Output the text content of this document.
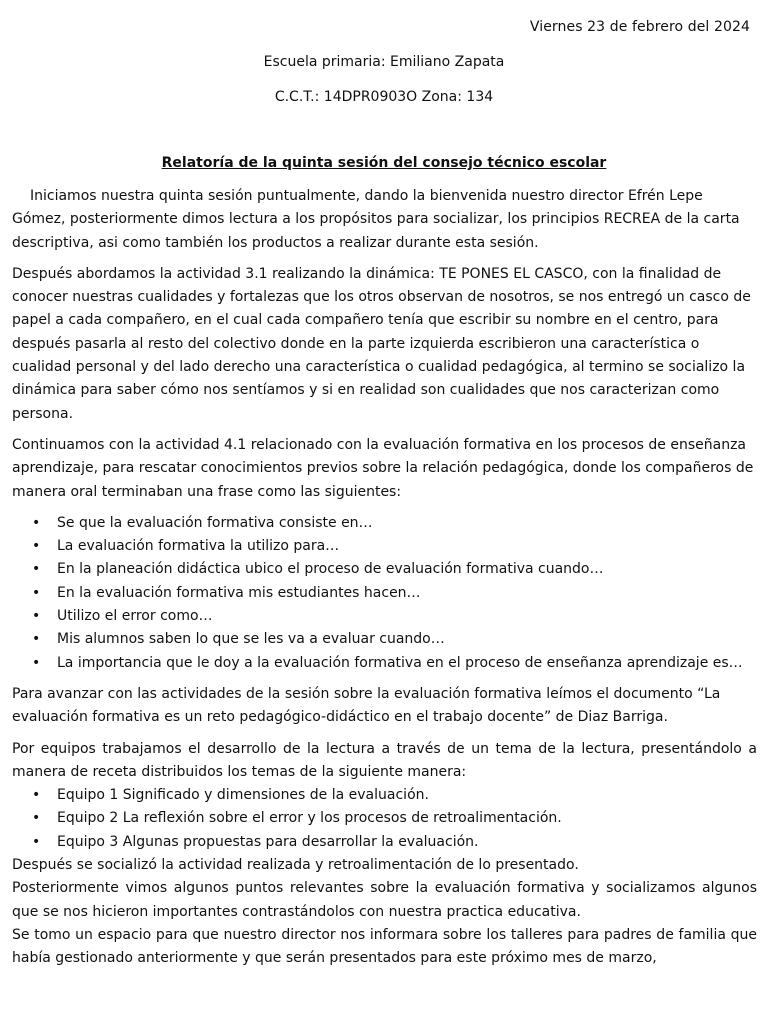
Viernes 23 de febrero del 2024
Escuela primaria: Emiliano Zapata
C.C.T.: 14DPR0903O Zona: 134
Relatoría de la quinta sesión del consejo técnico escolar

Iniciamos nuestra quinta sesión puntualmente, dando la bienvenida nuestro director Efrén Lepe Gómez, posteriormente dimos lectura a los propósitos para socializar, los principios RECREA de la carta descriptiva, asi como también los productos a realizar durante esta sesión.

Después abordamos la actividad 3.1 realizando la dinámica: TE PONES EL CASCO, con la finalidad de conocer nuestras cualidades y fortalezas que los otros observan de nosotros, se nos entregó un casco de papel a cada compañero, en el cual cada compañero tenía que escribir su nombre en el centro, para después pasarla al resto del colectivo donde en la parte izquierda escribieron una característica o cualidad personal y del lado derecho una característica o cualidad pedagógica, al termino se socializo la dinámica para saber cómo nos sentíamos y si en realidad son cualidades que nos caracterizan como persona.

Continuamos con la actividad 4.1 relacionado con la evaluación formativa en los procesos de enseñanza aprendizaje, para rescatar conocimientos previos sobre la relación pedagógica, donde los compañeros de manera oral terminaban una frase como las siguientes:

• Se que la evaluación formativa consiste en…
• La evaluación formativa la utilizo para…
• En la planeación didáctica ubico el proceso de evaluación formativa cuando…
• En la evaluación formativa mis estudiantes hacen…
• Utilizo el error como…
• Mis alumnos saben lo que se les va a evaluar cuando…
• La importancia que le doy a la evaluación formativa en el proceso de enseñanza aprendizaje es…

Para avanzar con las actividades de la sesión sobre la evaluación formativa leímos el documento “La evaluación formativa es un reto pedagógico-didáctico en el trabajo docente” de Diaz Barriga.

Por equipos trabajamos el desarrollo de la lectura a través de un tema de la lectura, presentándolo a manera de receta distribuidos los temas de la siguiente manera:

• Equipo 1 Significado y dimensiones de la evaluación.
• Equipo 2 La reflexión sobre el error y los procesos de retroalimentación.
• Equipo 3 Algunas propuestas para desarrollar la evaluación.

Después se socializó la actividad realizada y retroalimentación de lo presentado.

Posteriormente vimos algunos puntos relevantes sobre la evaluación formativa y socializamos algunos que se nos hicieron importantes contrastándolos con nuestra practica educativa.

Se tomo un espacio para que nuestro director nos informara sobre los talleres para padres de familia que había gestionado anteriormente y que serán presentados para este próximo mes de marzo,
